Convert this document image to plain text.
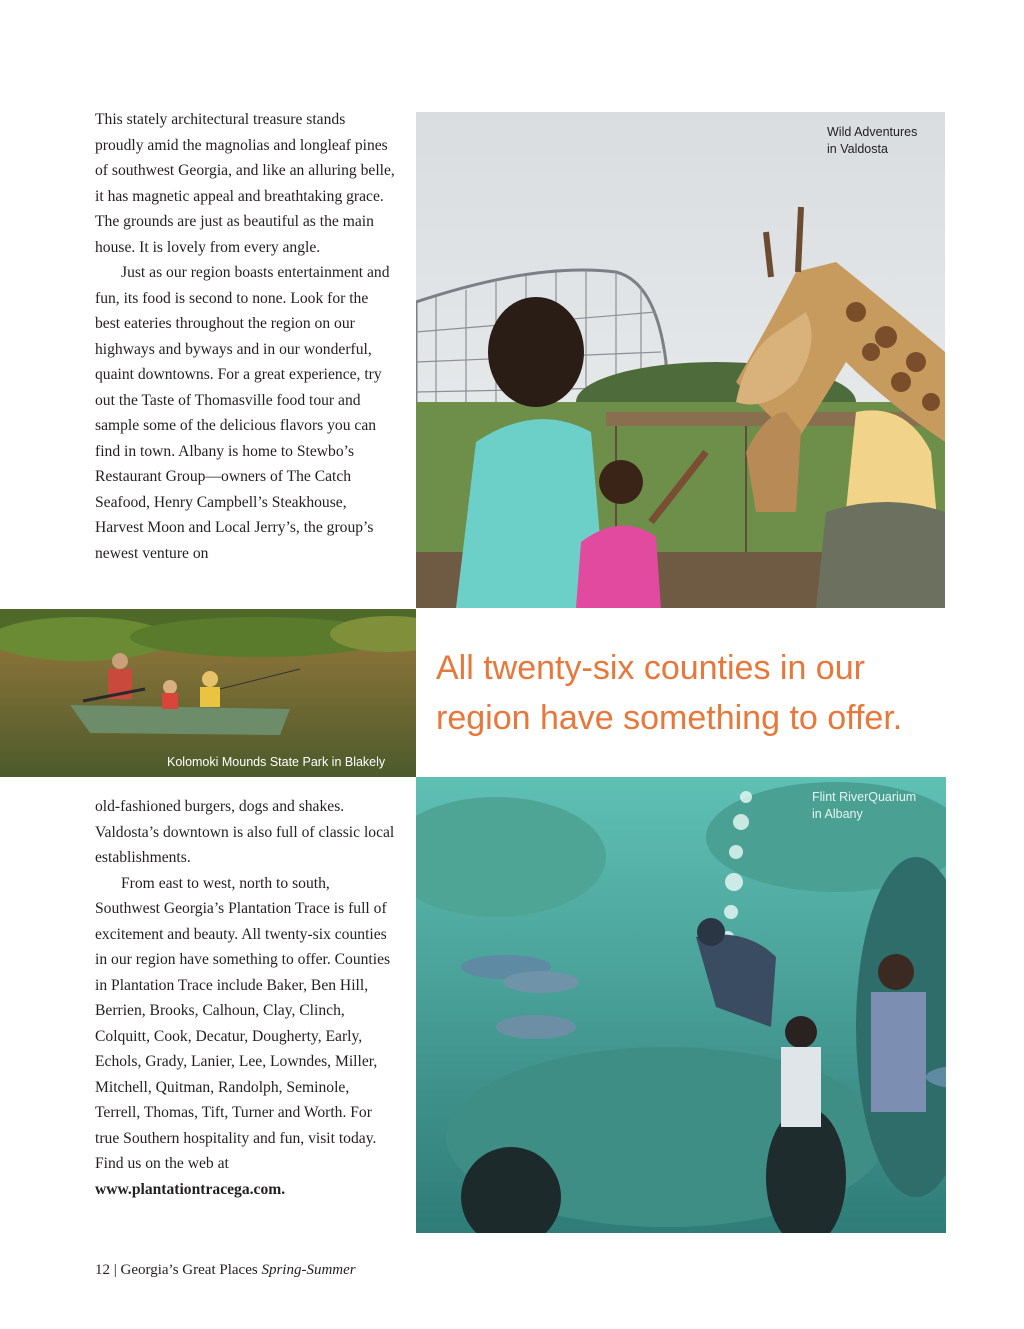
This stately architectural treasure stands proudly amid the magnolias and longleaf pines of southwest Georgia, and like an alluring belle, it has magnetic appeal and breathtaking grace. The grounds are just as beautiful as the main house. It is lovely from every angle.

Just as our region boasts entertainment and fun, its food is second to none. Look for the best eateries throughout the region on our highways and byways and in our wonderful, quaint downtowns. For a great experience, try out the Taste of Thomasville food tour and sample some of the delicious flavors you can find in town. Albany is home to Stewbo’s Restaurant Group—owners of The Catch Seafood, Henry Campbell’s Steakhouse, Harvest Moon and Local Jerry’s, the group’s newest venture on

Wild Adventures
in Valdosta
Kolomoki Mounds State Park in Blakely
All twenty-six counties in our
region have something to offer.

old-fashioned burgers, dogs and shakes. Valdosta’s downtown is also full of classic local establishments.

From east to west, north to south, Southwest Georgia’s Plantation Trace is full of excitement and beauty. All twenty-six counties in our region have something to offer. Counties in Plantation Trace include Baker, Ben Hill, Berrien, Brooks, Calhoun, Clay, Clinch, Colquitt, Cook, Decatur, Dougherty, Early, Echols, Grady, Lanier, Lee, Lowndes, Miller, Mitchell, Quitman, Randolph, Seminole, Terrell, Thomas, Tift, Turner and Worth. For true Southern hospitality and fun, visit today. Find us on the web at www.plantationtracega.com.

Flint RiverQuarium
in Albany
12 | Georgia’s Great Places Spring-Summer
